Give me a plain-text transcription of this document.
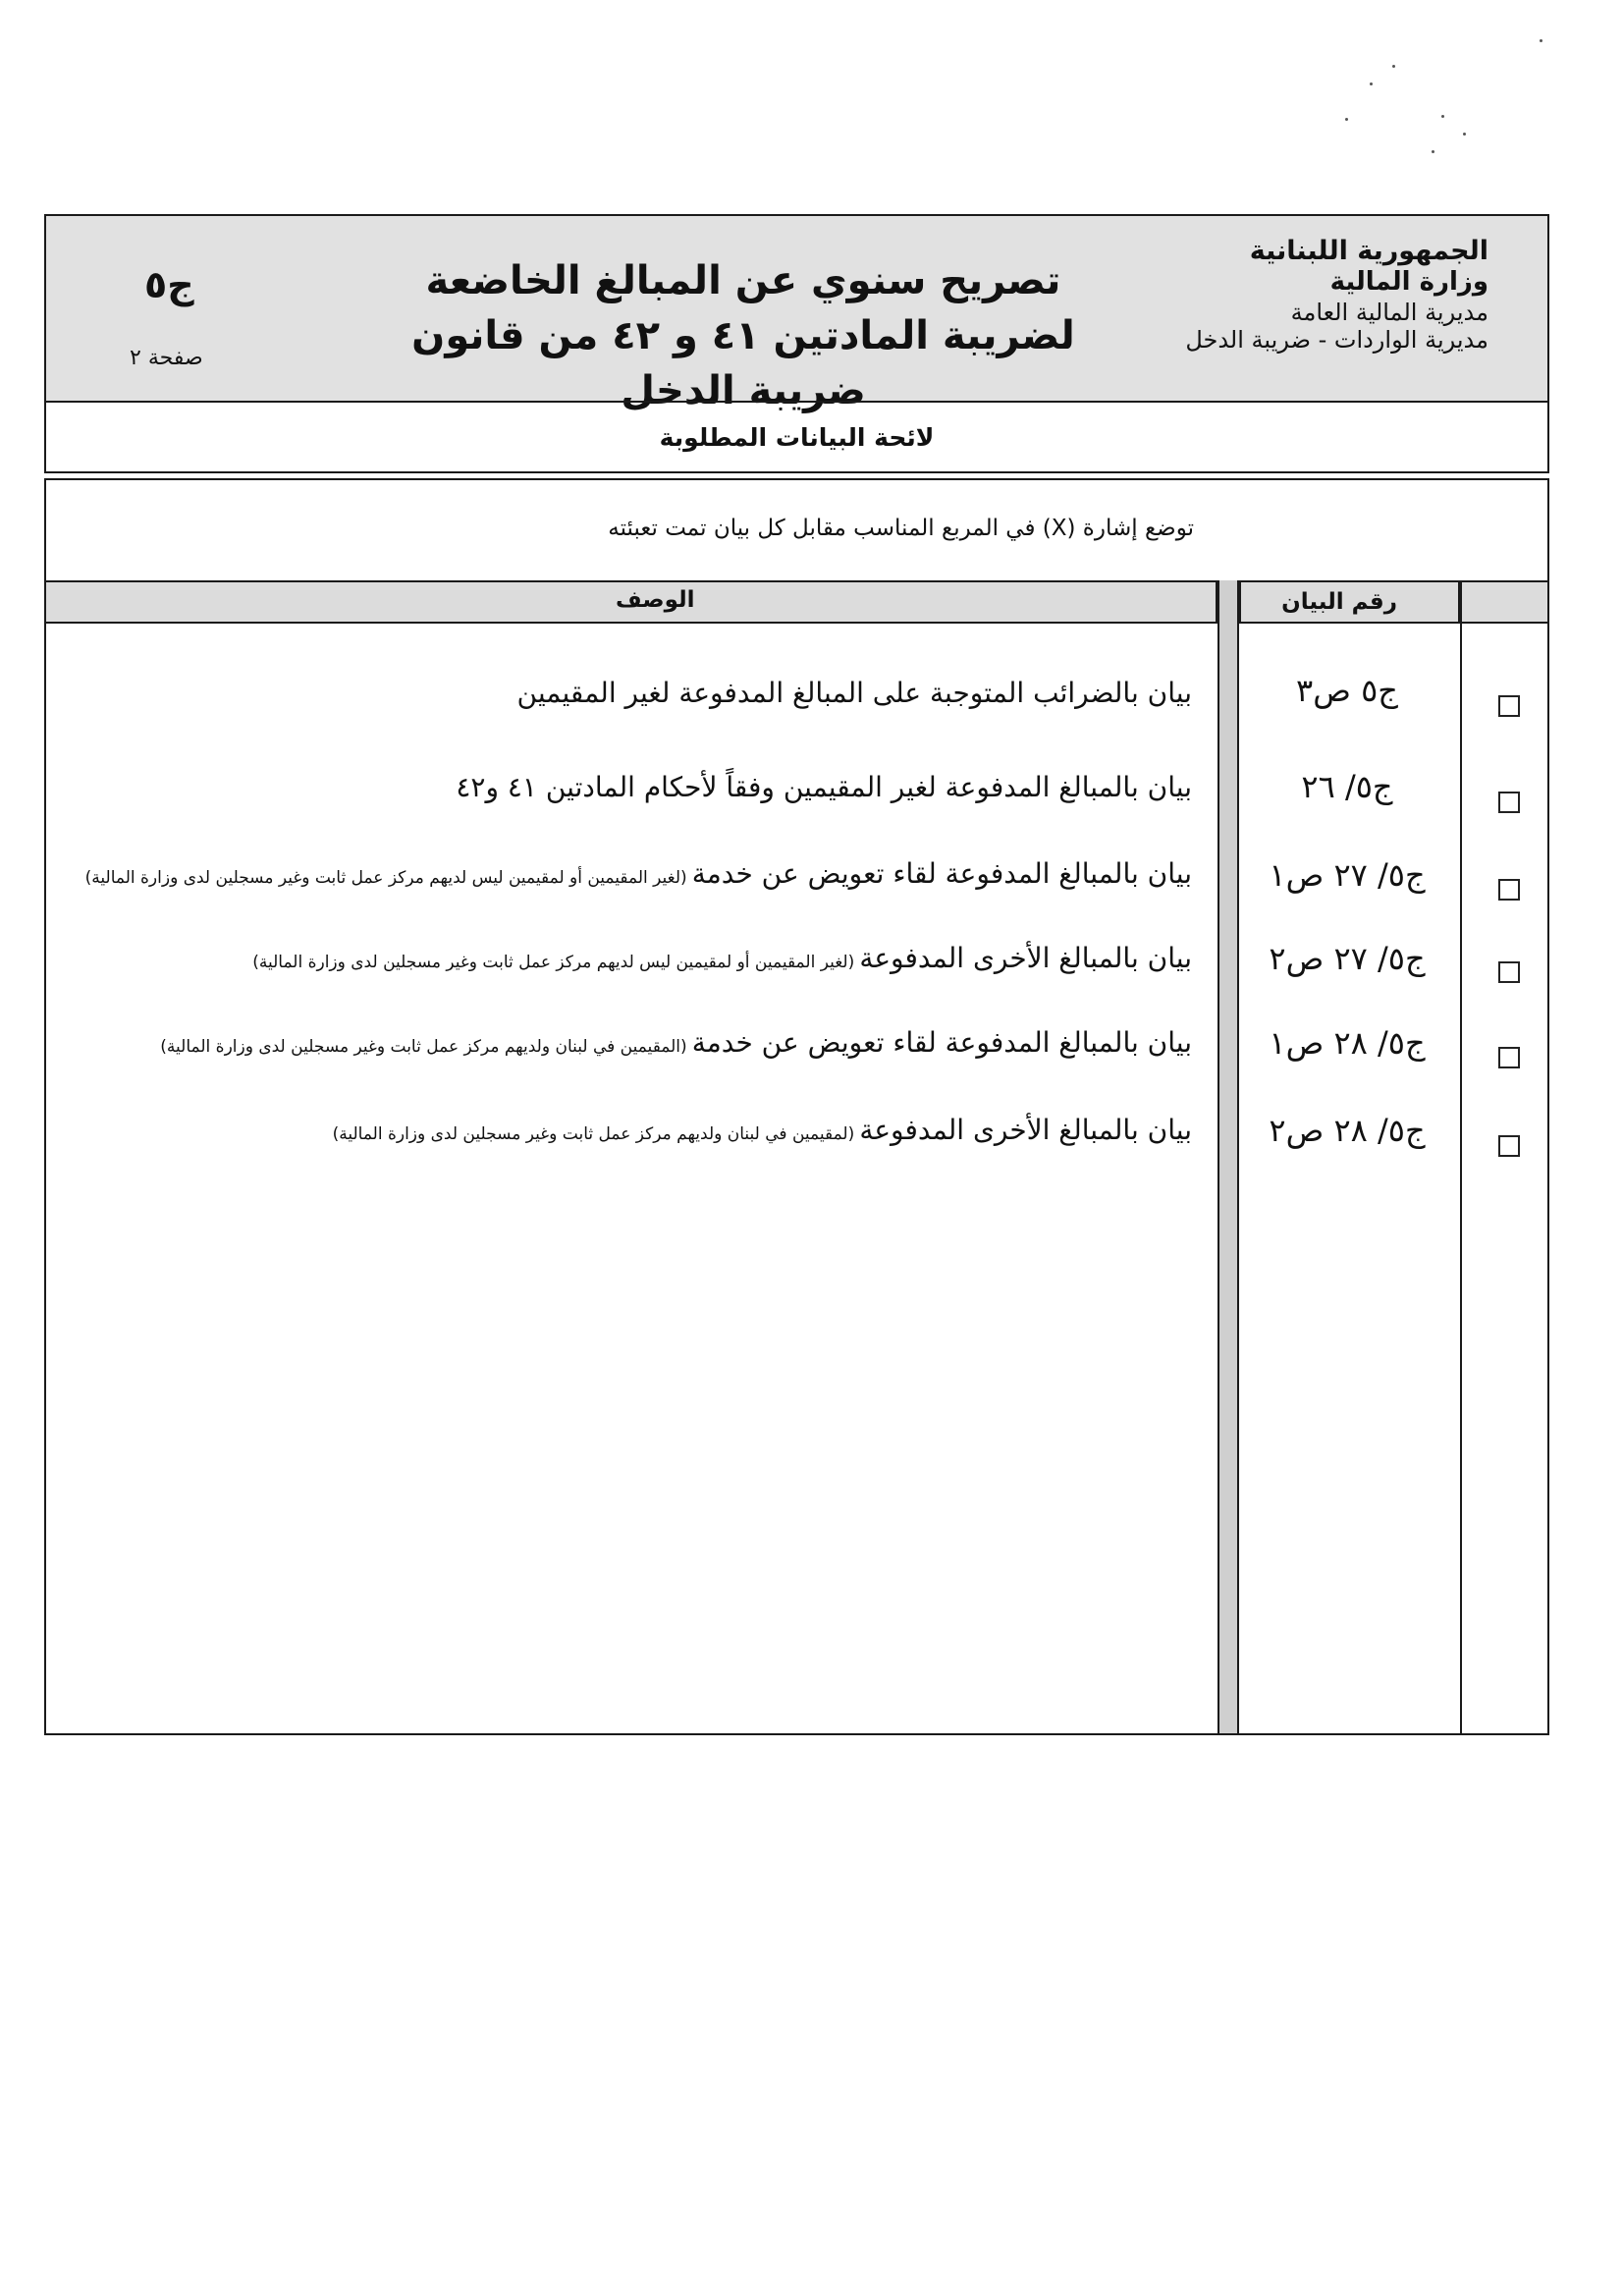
الجمهورية اللبنانية
وزارة المالية
مديرية المالية العامة
مديرية الواردات - ضريبة الدخل
تصريح سنوي عن المبالغ الخاضعة
لضريبة المادتين ٤١ و ٤٢ من قانون ضريبة الدخل
ج٥
صفحة ٢
لائحة البيانات المطلوبة
توضع إشارة (X) في المربع المناسب مقابل كل بيان تمت تعبئته
الوصف	رقم البيان
بيان بالضرائب المتوجبة على المبالغ المدفوعة لغير المقيمين	ج٥ ص٣
بيان بالمبالغ المدفوعة لغير المقيمين وفقاً لأحكام المادتين ٤١ و٤٢	ج٥/ ٢٦
بيان بالمبالغ المدفوعة لقاء تعويض عن خدمة (لغير المقيمين أو لمقيمين ليس لديهم مركز عمل ثابت وغير مسجلين لدى وزارة المالية)	ج٥/ ٢٧ ص١
بيان بالمبالغ الأخرى المدفوعة (لغير المقيمين أو لمقيمين ليس لديهم مركز عمل ثابت وغير مسجلين لدى وزارة المالية)	ج٥/ ٢٧ ص٢
بيان بالمبالغ المدفوعة لقاء تعويض عن خدمة (المقيمين في لبنان ولديهم مركز عمل ثابت وغير مسجلين لدى وزارة المالية)	ج٥/ ٢٨ ص١
بيان بالمبالغ الأخرى المدفوعة (لمقيمين في لبنان ولديهم مركز عمل ثابت وغير مسجلين لدى وزارة المالية)	ج٥/ ٢٨ ص٢
